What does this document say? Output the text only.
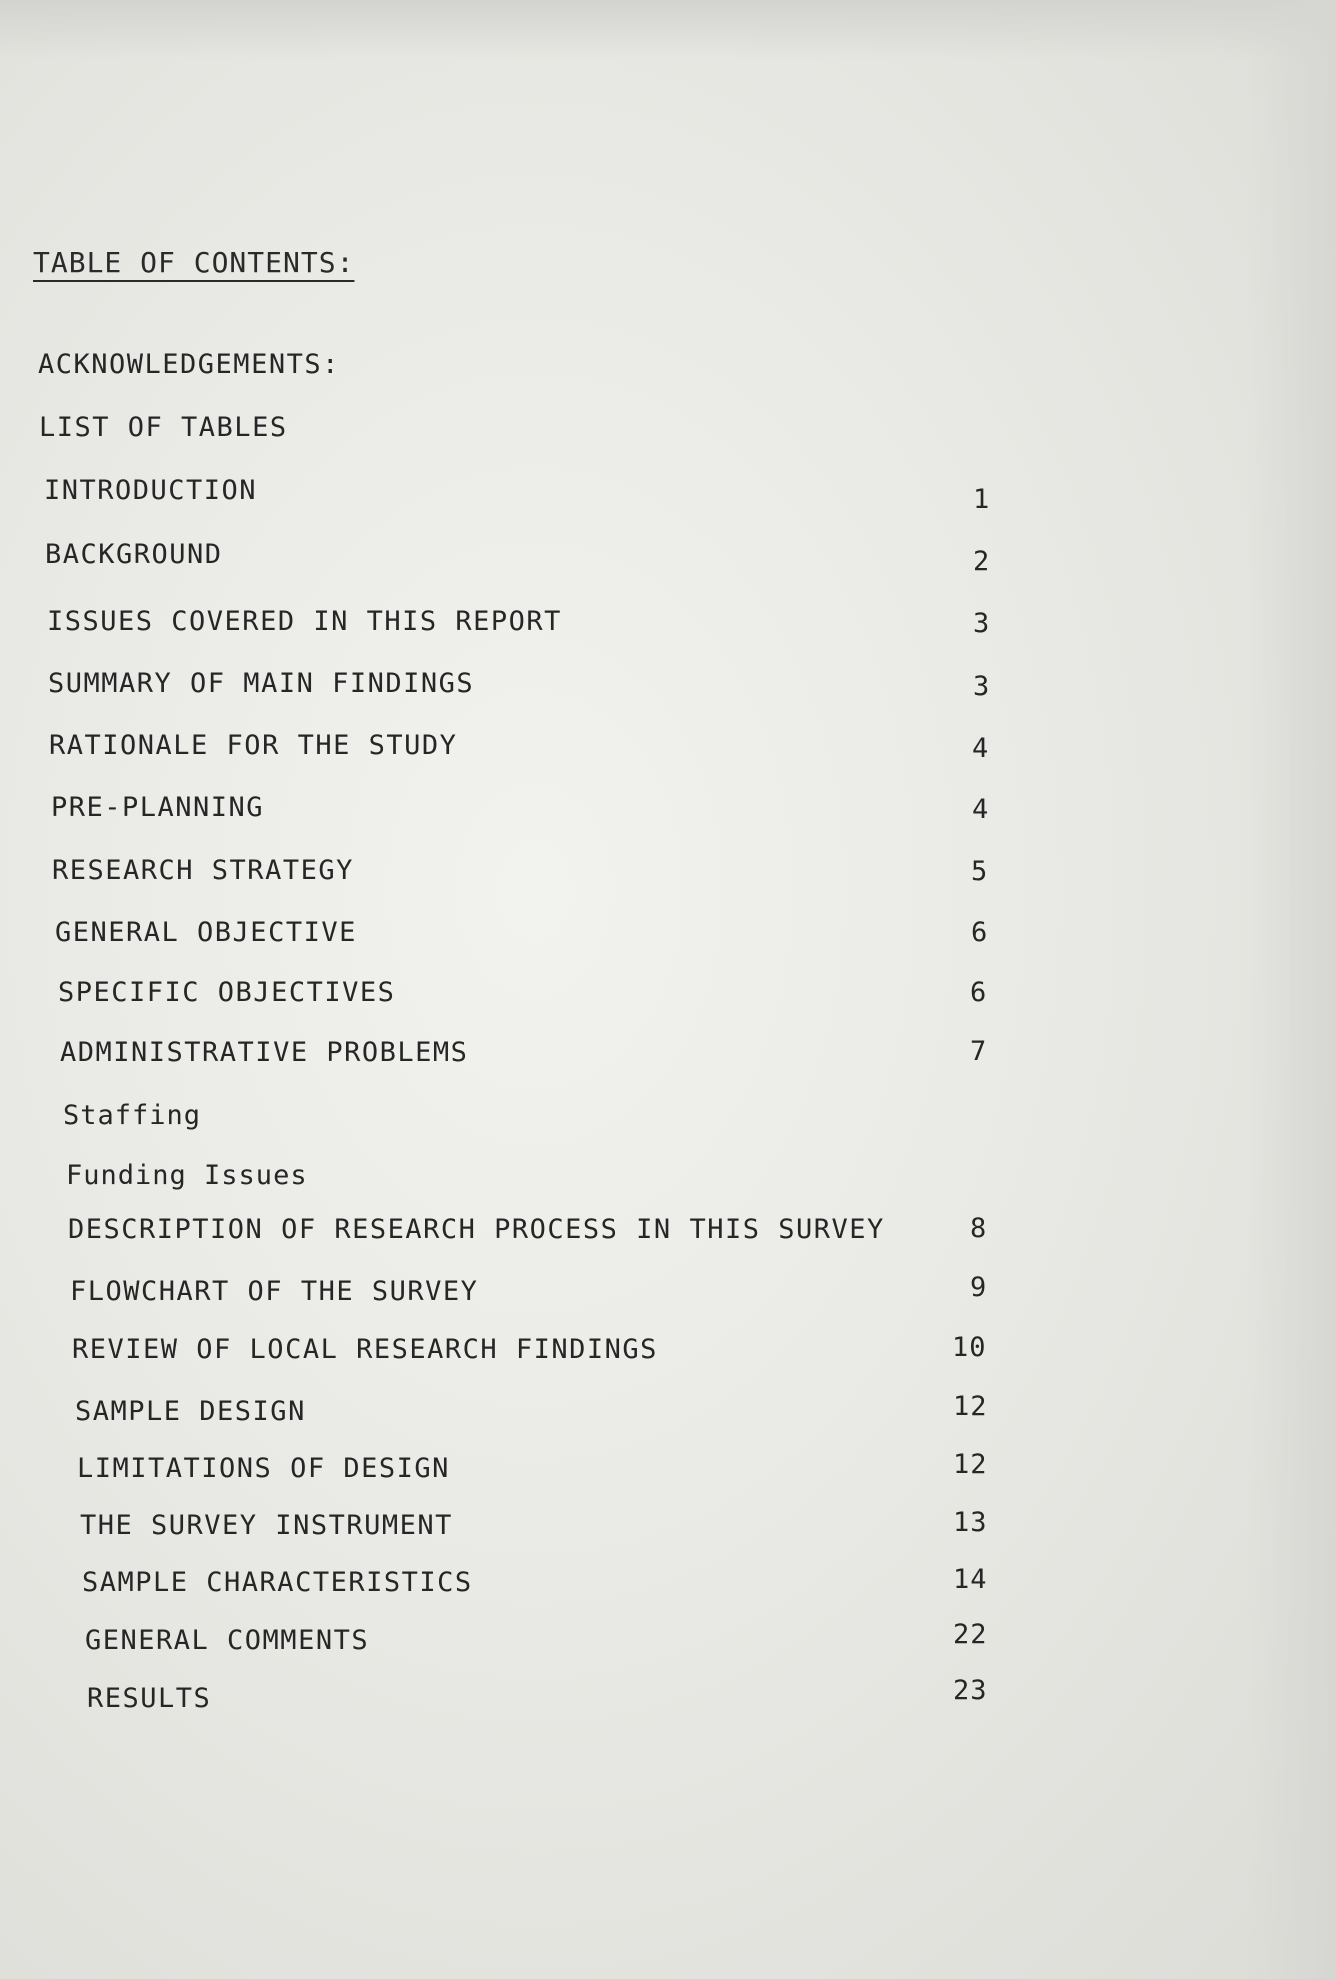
TABLE OF CONTENTS:
ACKNOWLEDGEMENTS:
LIST OF TABLES
INTRODUCTION	1
BACKGROUND	2
ISSUES COVERED IN THIS REPORT	3
SUMMARY OF MAIN FINDINGS	3
RATIONALE FOR THE STUDY	4
PRE-PLANNING	4
RESEARCH STRATEGY	5
GENERAL OBJECTIVE	6
SPECIFIC OBJECTIVES	6
ADMINISTRATIVE PROBLEMS	7
Staffing
Funding Issues
DESCRIPTION OF RESEARCH PROCESS IN THIS SURVEY	8
FLOWCHART OF THE SURVEY	9
REVIEW OF LOCAL RESEARCH FINDINGS	10
SAMPLE DESIGN	12
LIMITATIONS OF DESIGN	12
THE SURVEY INSTRUMENT	13
SAMPLE CHARACTERISTICS	14
GENERAL COMMENTS	22
RESULTS	23
